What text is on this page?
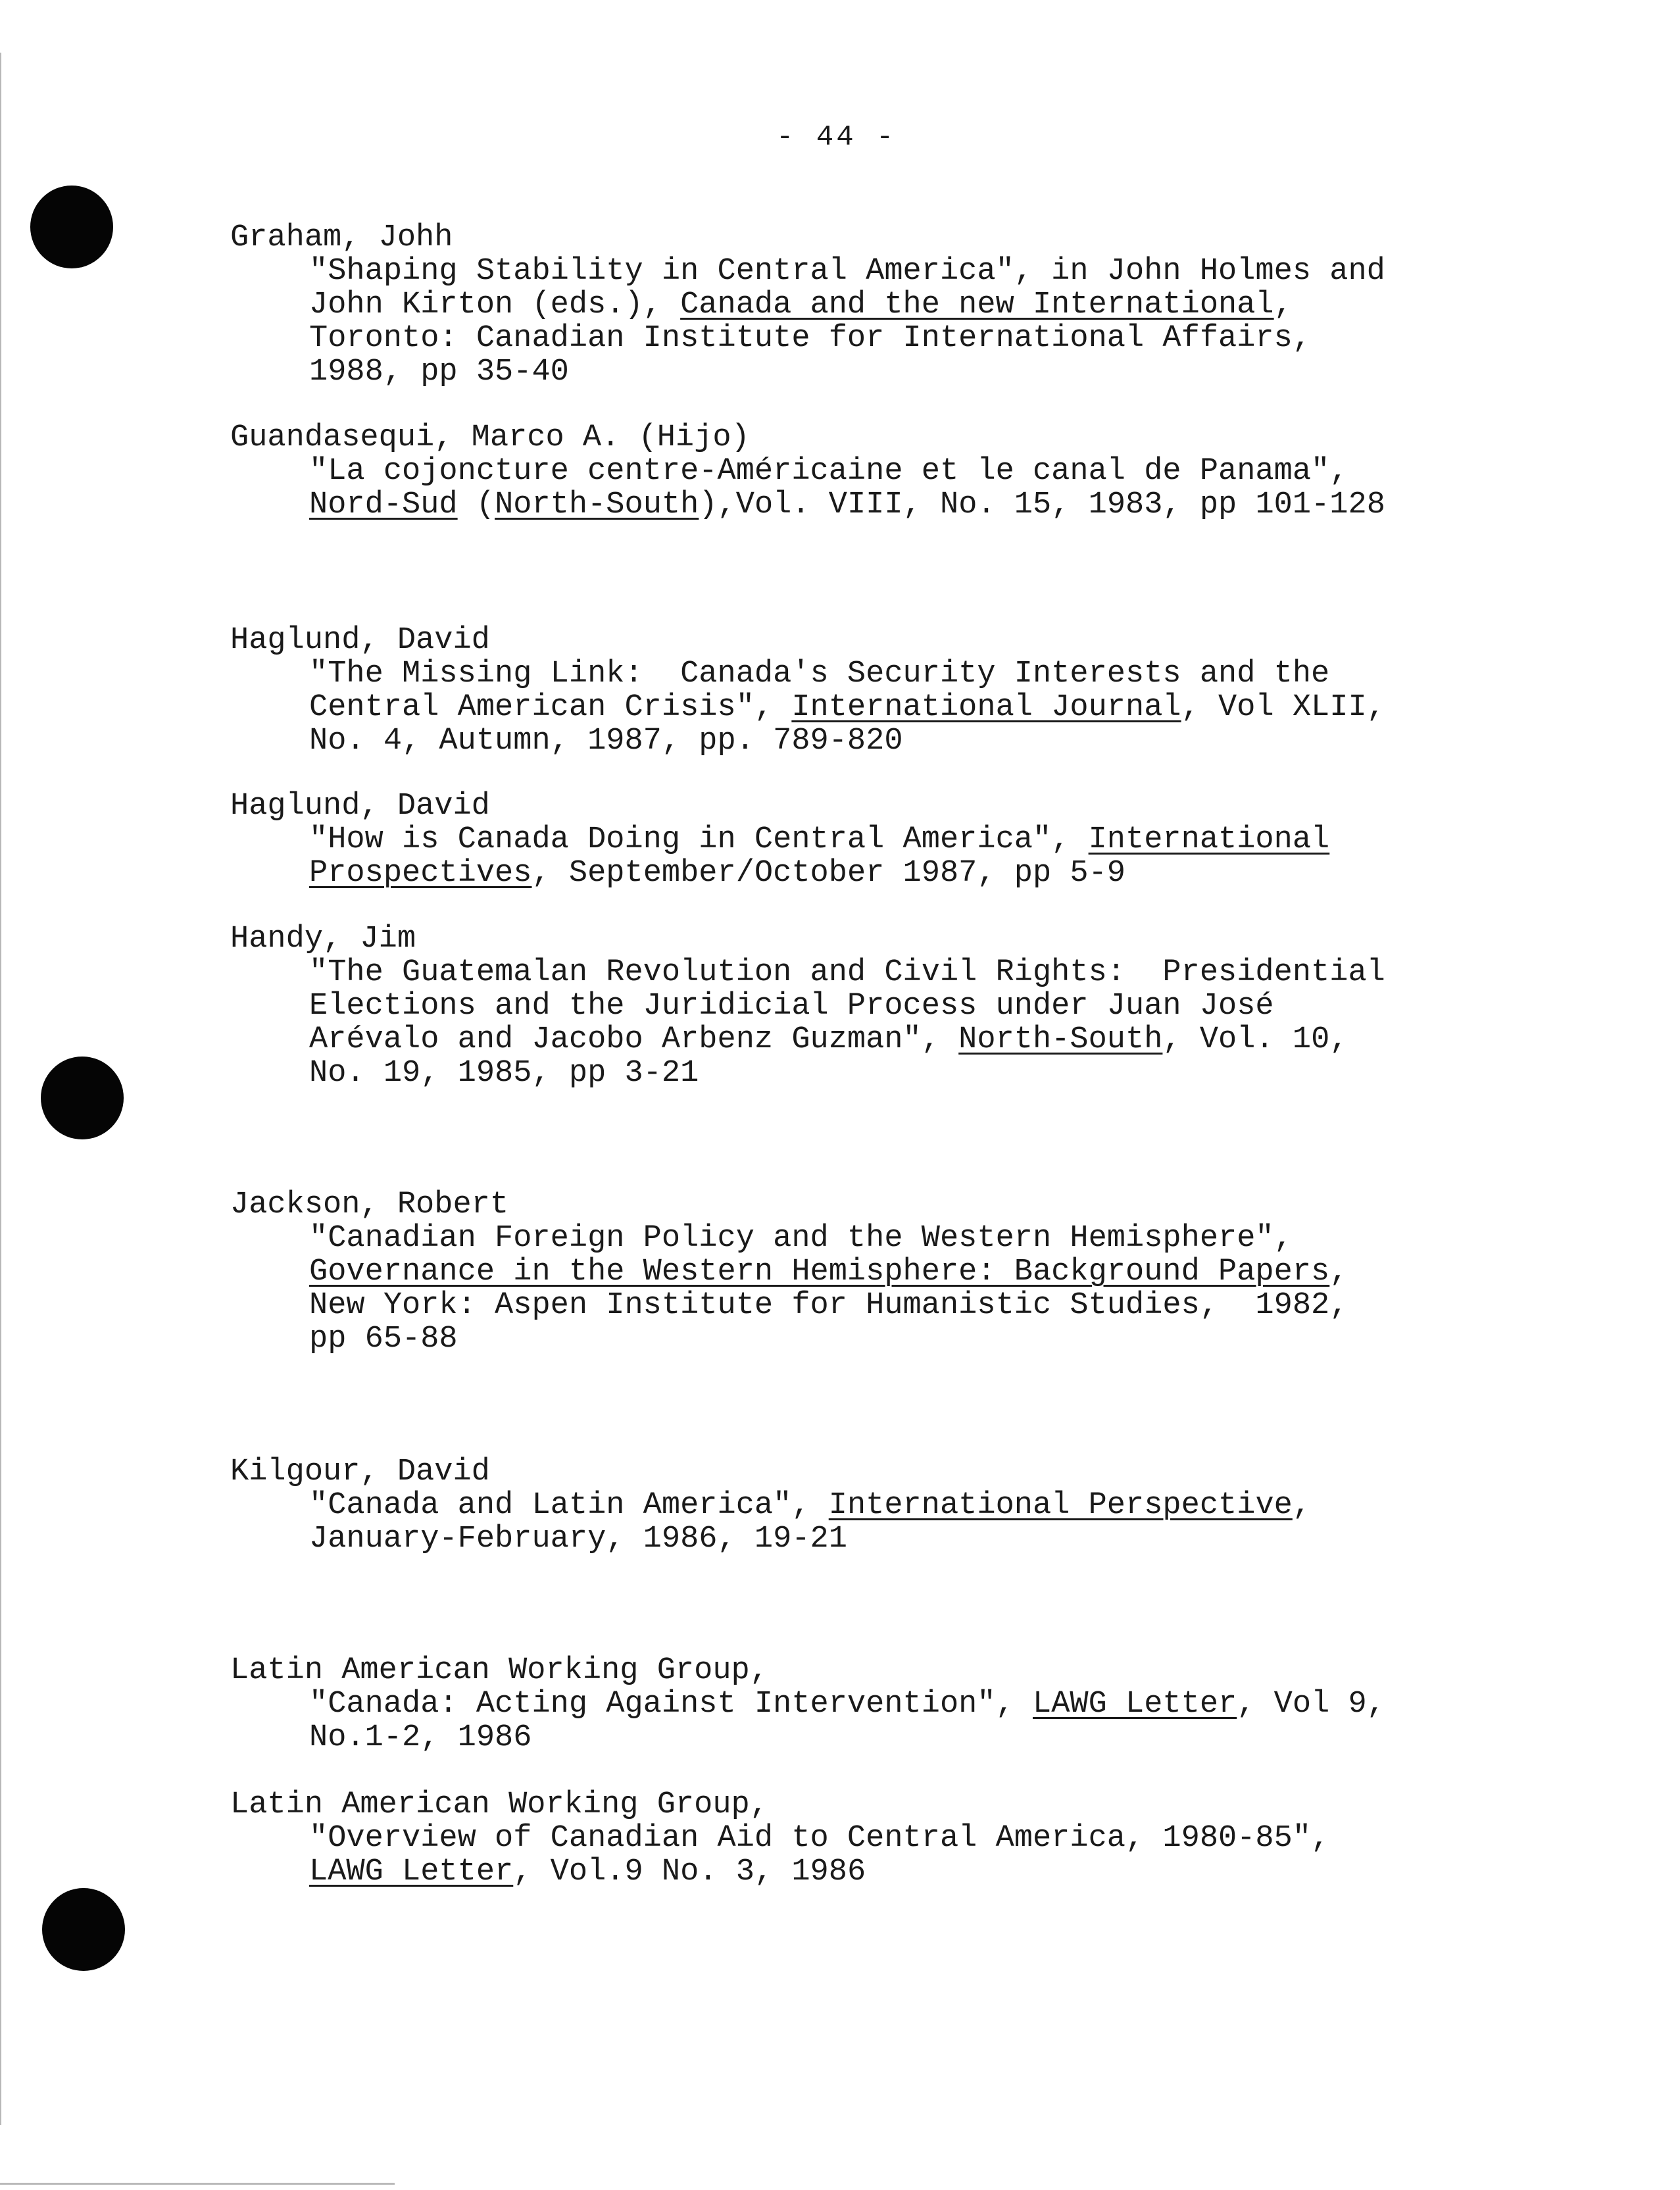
- 44 -
Graham, Johh
"Shaping Stability in Central America", in John Holmes and
John Kirton (eds.), Canada and the new International,
Toronto: Canadian Institute for International Affairs,
1988, pp 35-40
Guandasequi, Marco A. (Hijo)
"La cojoncture centre-Américaine et le canal de Panama",
Nord-Sud (North-South),Vol. VIII, No. 15, 1983, pp 101-128
Haglund, David
"The Missing Link:  Canada's Security Interests and the
Central American Crisis", International Journal, Vol XLII,
No. 4, Autumn, 1987, pp. 789-820
Haglund, David
"How is Canada Doing in Central America", International
Prospectives, September/October 1987, pp 5-9
Handy, Jim
"The Guatemalan Revolution and Civil Rights:  Presidential
Elections and the Juridicial Process under Juan José
Arévalo and Jacobo Arbenz Guzman", North-South, Vol. 10,
No. 19, 1985, pp 3-21
Jackson, Robert
"Canadian Foreign Policy and the Western Hemisphere",
Governance in the Western Hemisphere: Background Papers,
New York: Aspen Institute for Humanistic Studies,  1982,
pp 65-88
Kilgour, David
"Canada and Latin America", International Perspective,
January-February, 1986, 19-21
Latin American Working Group,
"Canada: Acting Against Intervention", LAWG Letter, Vol 9,
No.1-2, 1986
Latin American Working Group,
"Overview of Canadian Aid to Central America, 1980-85",
LAWG Letter, Vol.9 No. 3, 1986
